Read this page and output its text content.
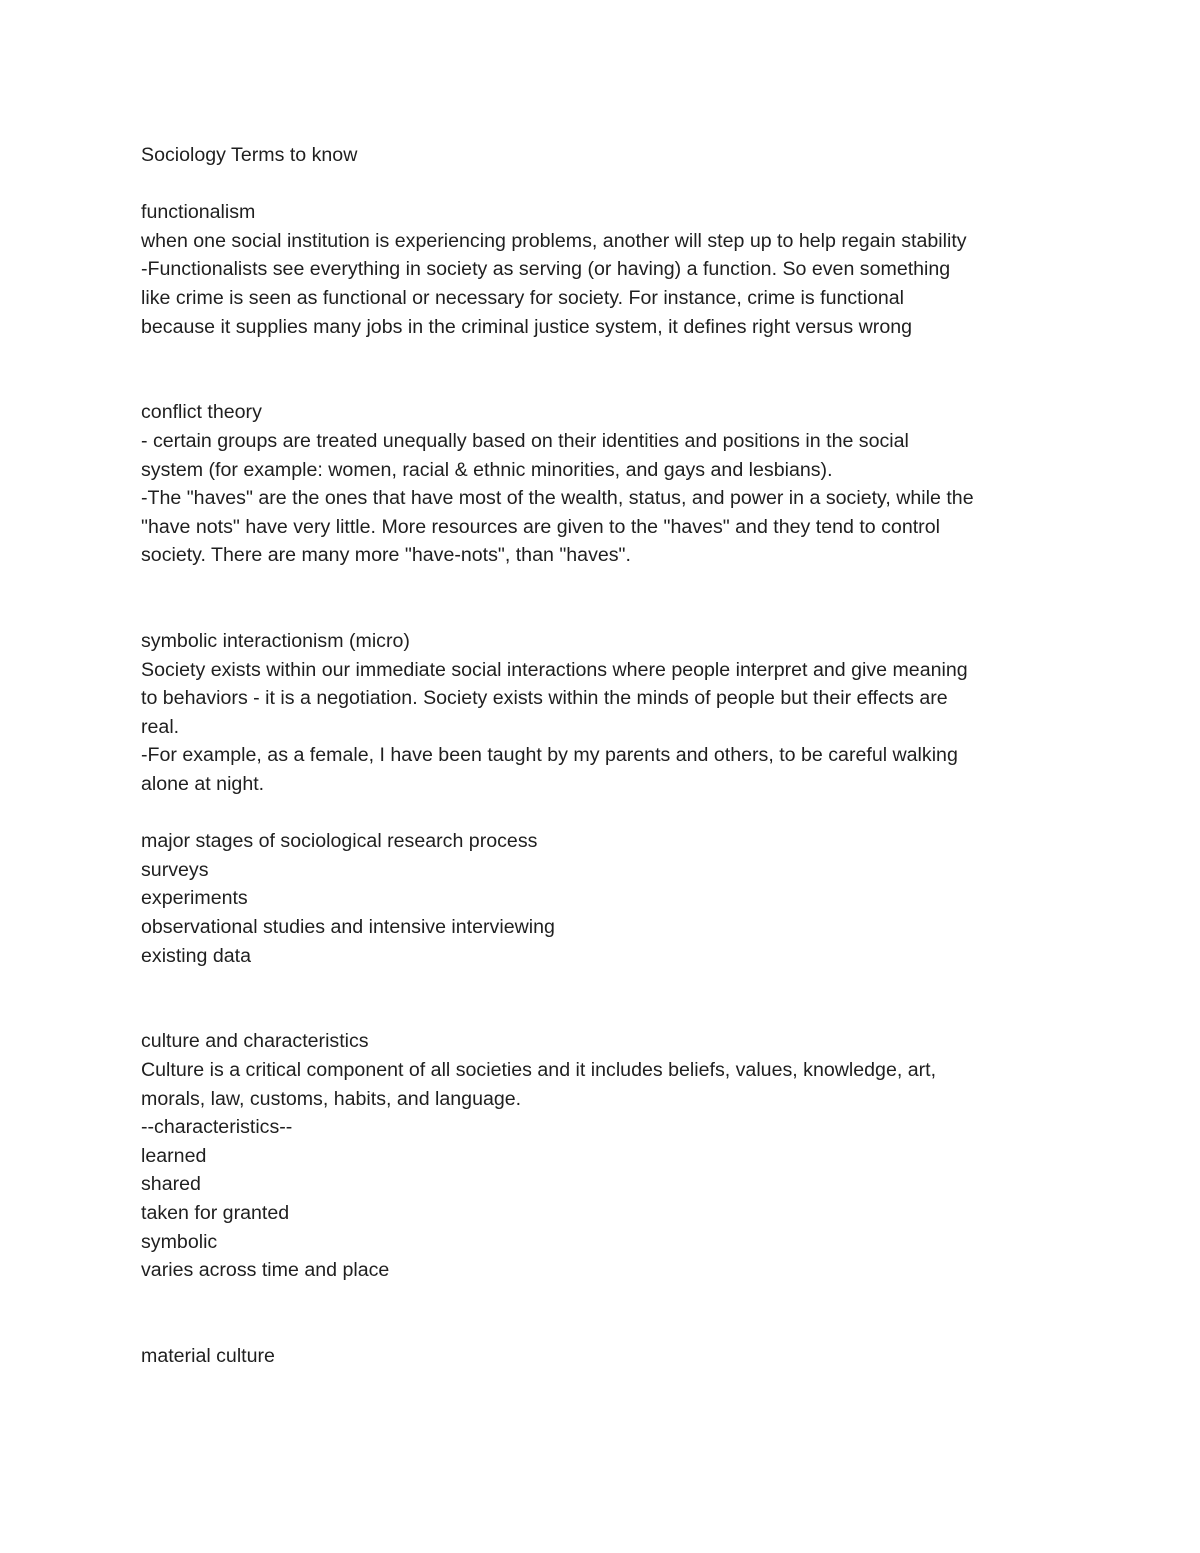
Sociology Terms to know
functionalism
when one social institution is experiencing problems, another will step up to help regain stability
-Functionalists see everything in society as serving (or having) a function. So even something
like crime is seen as functional or necessary for society. For instance, crime is functional
because it supplies many jobs in the criminal justice system, it defines right versus wrong
conflict theory
- certain groups are treated unequally based on their identities and positions in the social
system (for example: women, racial & ethnic minorities, and gays and lesbians).
-The "haves" are the ones that have most of the wealth, status, and power in a society, while the
"have nots" have very little. More resources are given to the "haves" and they tend to control
society. There are many more "have-nots", than "haves".
symbolic interactionism (micro)
Society exists within our immediate social interactions where people interpret and give meaning
to behaviors - it is a negotiation. Society exists within the minds of people but their effects are
real.
-For example, as a female, I have been taught by my parents and others, to be careful walking
alone at night.
major stages of sociological research process
surveys
experiments
observational studies and intensive interviewing
existing data
culture and characteristics
Culture is a critical component of all societies and it includes beliefs, values, knowledge, art,
morals, law, customs, habits, and language.
--characteristics--
learned
shared
taken for granted
symbolic
varies across time and place
material culture
